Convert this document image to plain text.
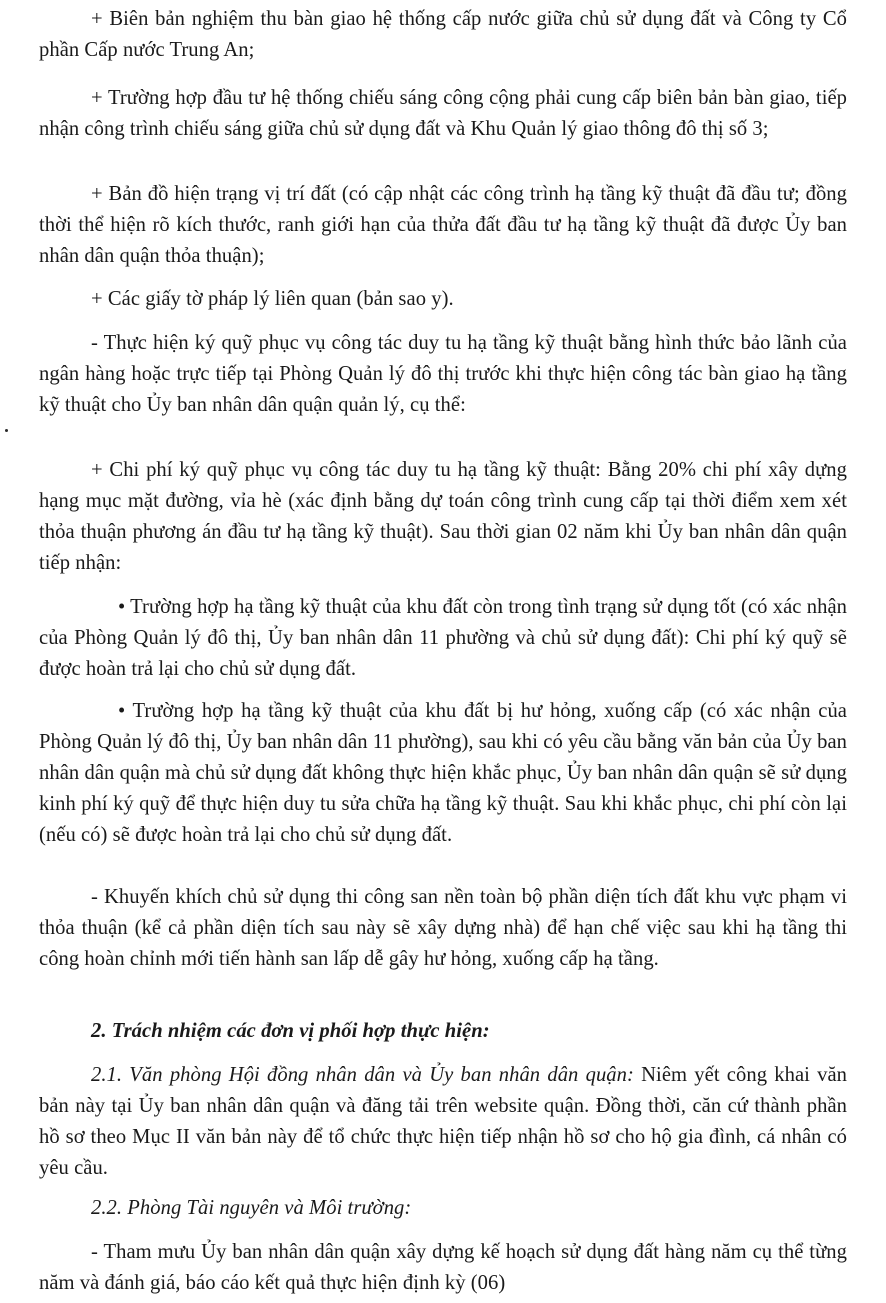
+ Biên bản nghiệm thu bàn giao hệ thống cấp nước giữa chủ sử dụng đất và Công ty Cổ phần Cấp nước Trung An;

+ Trường hợp đầu tư hệ thống chiếu sáng công cộng phải cung cấp biên bản bàn giao, tiếp nhận công trình chiếu sáng giữa chủ sử dụng đất và Khu Quản lý giao thông đô thị số 3;

+ Bản đồ hiện trạng vị trí đất (có cập nhật các công trình hạ tầng kỹ thuật đã đầu tư; đồng thời thể hiện rõ kích thước, ranh giới hạn của thửa đất đầu tư hạ tầng kỹ thuật đã được Ủy ban nhân dân quận thỏa thuận);

+ Các giấy tờ pháp lý liên quan (bản sao y).

- Thực hiện ký quỹ phục vụ công tác duy tu hạ tầng kỹ thuật bằng hình thức bảo lãnh của ngân hàng hoặc trực tiếp tại Phòng Quản lý đô thị trước khi thực hiện công tác bàn giao hạ tầng kỹ thuật cho Ủy ban nhân dân quận quản lý, cụ thể:

+ Chi phí ký quỹ phục vụ công tác duy tu hạ tầng kỹ thuật: Bằng 20% chi phí xây dựng hạng mục mặt đường, vỉa hè (xác định bằng dự toán công trình cung cấp tại thời điểm xem xét thỏa thuận phương án đầu tư hạ tầng kỹ thuật). Sau thời gian 02 năm khi Ủy ban nhân dân quận tiếp nhận:

• Trường hợp hạ tầng kỹ thuật của khu đất còn trong tình trạng sử dụng tốt (có xác nhận của Phòng Quản lý đô thị, Ủy ban nhân dân 11 phường và chủ sử dụng đất): Chi phí ký quỹ sẽ được hoàn trả lại cho chủ sử dụng đất.

• Trường hợp hạ tầng kỹ thuật của khu đất bị hư hỏng, xuống cấp (có xác nhận của Phòng Quản lý đô thị, Ủy ban nhân dân 11 phường), sau khi có yêu cầu bằng văn bản của Ủy ban nhân dân quận mà chủ sử dụng đất không thực hiện khắc phục, Ủy ban nhân dân quận sẽ sử dụng kinh phí ký quỹ để thực hiện duy tu sửa chữa hạ tầng kỹ thuật. Sau khi khắc phục, chi phí còn lại (nếu có) sẽ được hoàn trả lại cho chủ sử dụng đất.

- Khuyến khích chủ sử dụng thi công san nền toàn bộ phần diện tích đất khu vực phạm vi thỏa thuận (kể cả phần diện tích sau này sẽ xây dựng nhà) để hạn chế việc sau khi hạ tầng thi công hoàn chỉnh mới tiến hành san lấp dễ gây hư hỏng, xuống cấp hạ tầng.

2. Trách nhiệm các đơn vị phối hợp thực hiện:

2.1. Văn phòng Hội đồng nhân dân và Ủy ban nhân dân quận: Niêm yết công khai văn bản này tại Ủy ban nhân dân quận và đăng tải trên website quận. Đồng thời, căn cứ thành phần hồ sơ theo Mục II văn bản này để tổ chức thực hiện tiếp nhận hồ sơ cho hộ gia đình, cá nhân có yêu cầu.

2.2. Phòng Tài nguyên và Môi trường:

- Tham mưu Ủy ban nhân dân quận xây dựng kế hoạch sử dụng đất hàng năm cụ thể từng năm và đánh giá, báo cáo kết quả thực hiện định kỳ (06)
